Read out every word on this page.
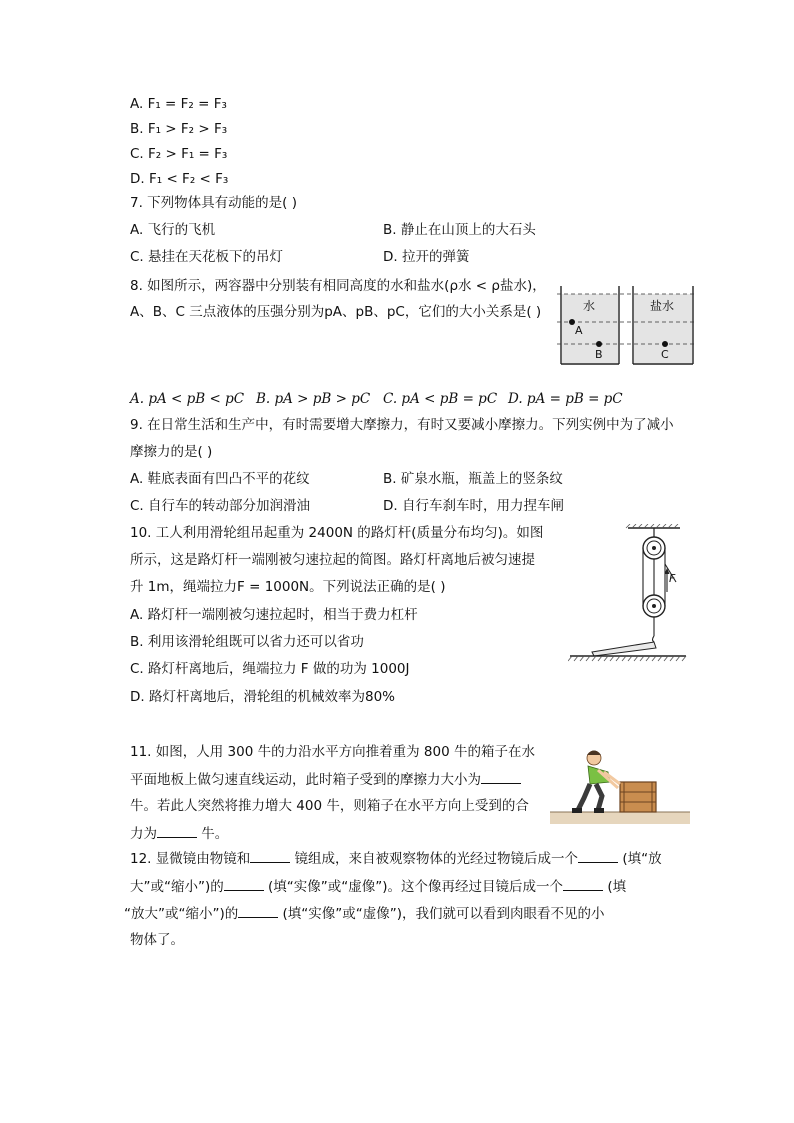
A. F₁ = F₂ = F₃
B. F₁ > F₂ > F₃
C. F₂ > F₁ = F₃
D. F₁ < F₂ < F₃
7. 下列物体具有动能的是( )
A. 飞行的飞机	B. 静止在山顶上的大石头
C. 悬挂在天花板下的吊灯	D. 拉开的弹簧
8. 如图所示，两容器中分别装有相同高度的水和盐水(ρ水 < ρ盐水)，
A、B、C 三点液体的压强分别为pA、pB、pC，它们的大小关系是( )	水	盐水
A
B	C
A. pA < pB < pC B. pA > pB > pC C. pA < pB = pC D. pA = pB = pC
9. 在日常生活和生产中，有时需要增大摩擦力，有时又要减小摩擦力。下列实例中为了减小
摩擦力的是( )
A. 鞋底表面有凹凸不平的花纹	B. 矿泉水瓶，瓶盖上的竖条纹
C. 自行车的转动部分加润滑油	D. 自行车刹车时，用力捏车闸
10. 工人利用滑轮组吊起重为 2400N 的路灯杆(质量分布均匀)。如图
所示，这是路灯杆一端刚被匀速拉起的简图。路灯杆离地后被匀速提
升 1m，绳端拉力F = 1000N。下列说法正确的是( )
A. 路灯杆一端刚被匀速拉起时，相当于费力杠杆
B. 利用该滑轮组既可以省力还可以省功
C. 路灯杆离地后，绳端拉力 F 做的功为 1000J
D. 路灯杆离地后，滑轮组的机械效率为80%
F
11. 如图，人用 300 牛的力沿水平方向推着重为 800 牛的箱子在水
平面地板上做匀速直线运动，此时箱子受到的摩擦力大小为
牛。若此人突然将推力增大 400 牛，则箱子在水平方向上受到的合
力为	牛。
12. 显微镜由物镜和	镜组成，来自被观察物体的光经过物镜后成一个	(填“放
大”或“缩小”)的	(填“实像”或“虚像”)。这个像再经过目镜后成一个	(填
“放大”或“缩小”)的	(填“实像”或“虚像”)，我们就可以看到肉眼看不见的小
物体了。
